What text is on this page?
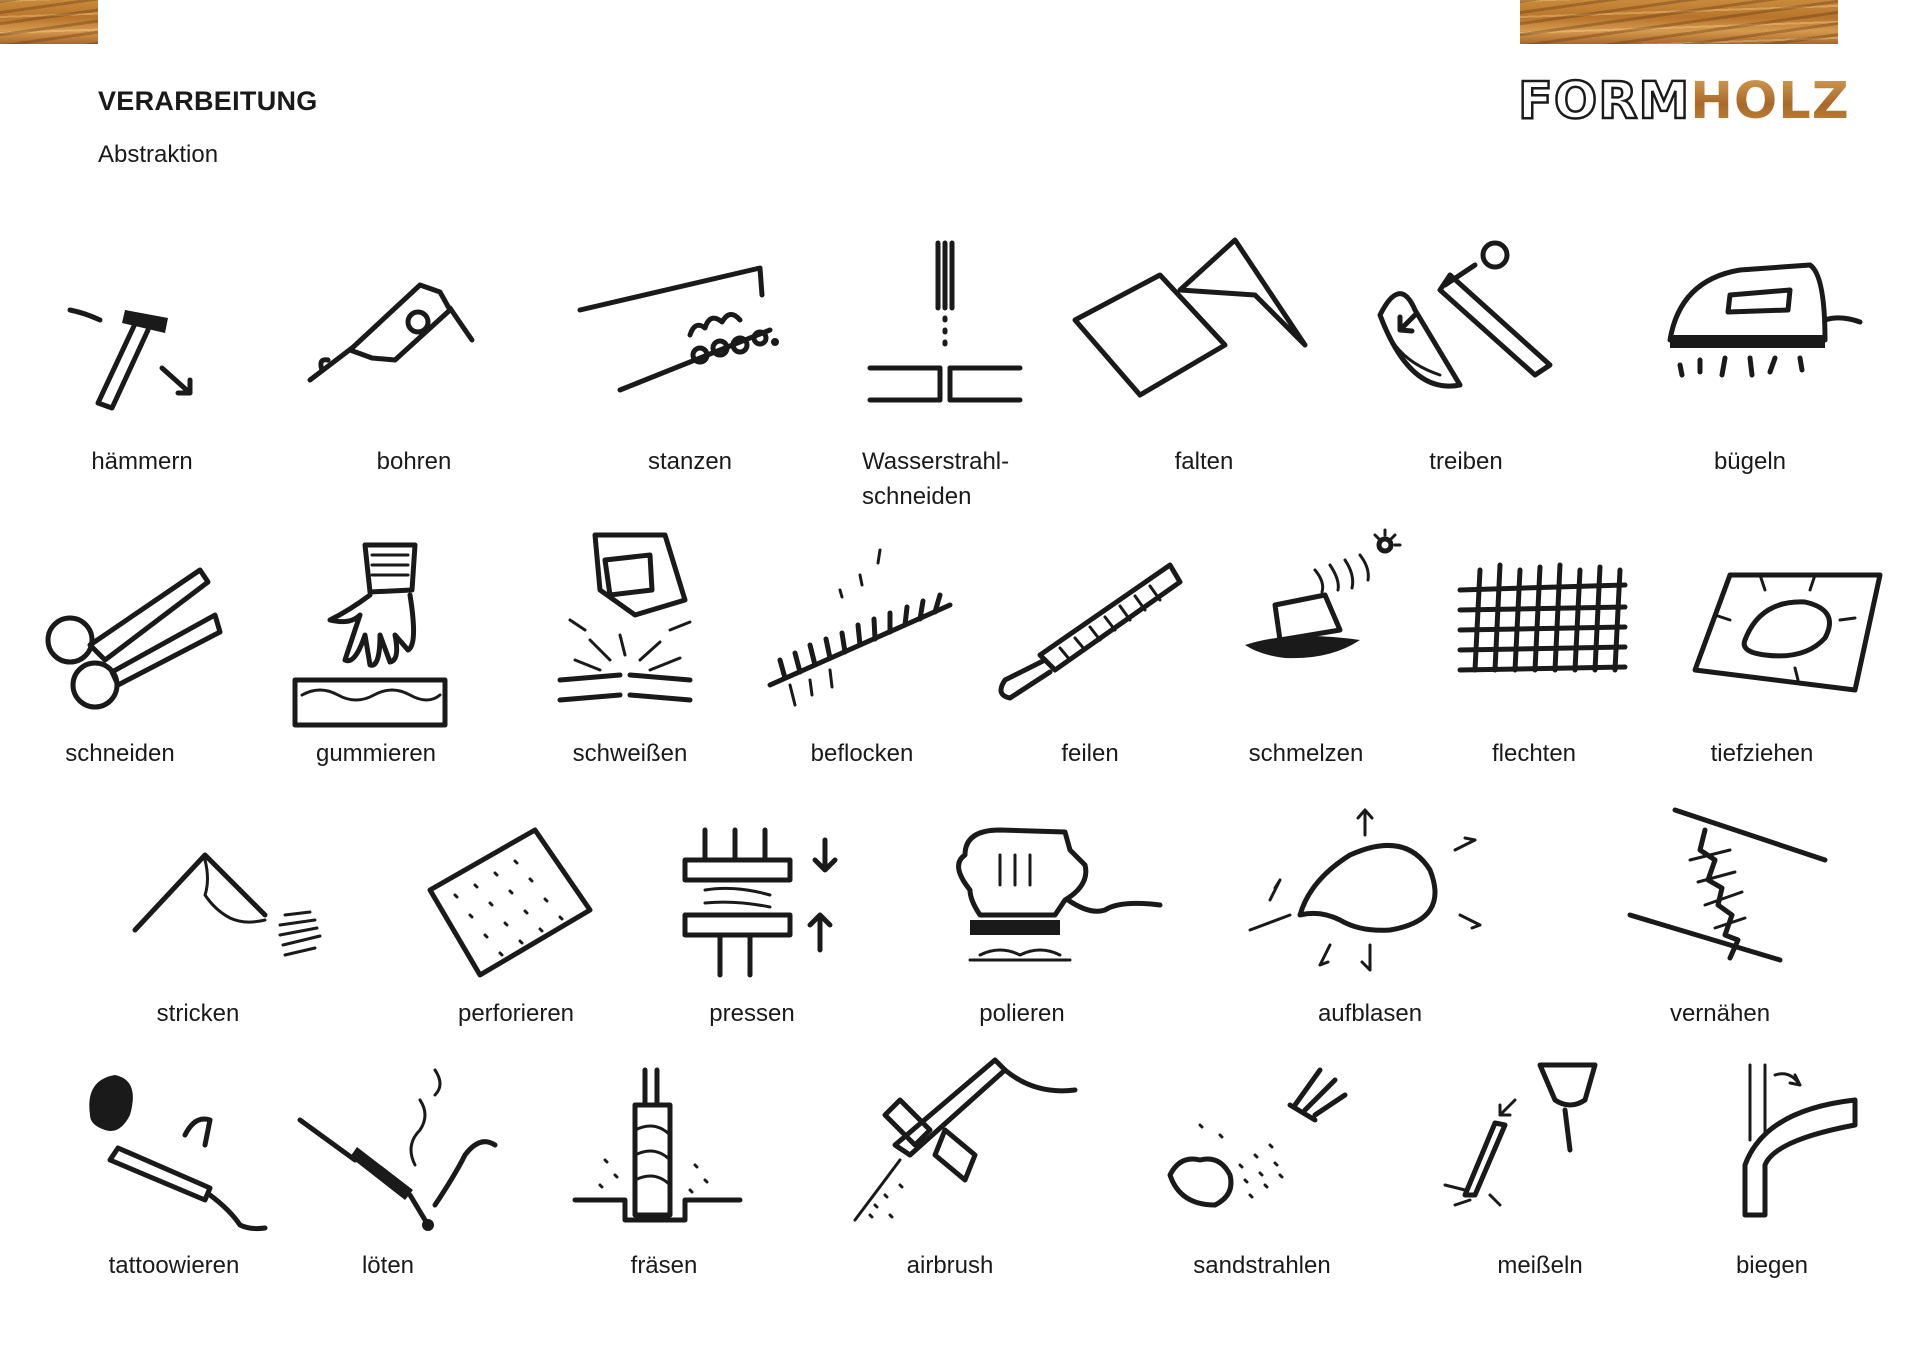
VERARBEITUNG
Abstraktion
FORMHOLZ
hämmern	bohren	stanzen	Wasserstrahl-
schneiden
falten	treiben	bügeln
schneiden	gummieren	schweißen	beflocken	feilen	schmelzen	flechten	tiefziehen
stricken	perforieren	pressen	polieren	aufblasen	vernähen
tattoowieren	löten	fräsen	airbrush	sandstrahlen	meißeln	biegen
